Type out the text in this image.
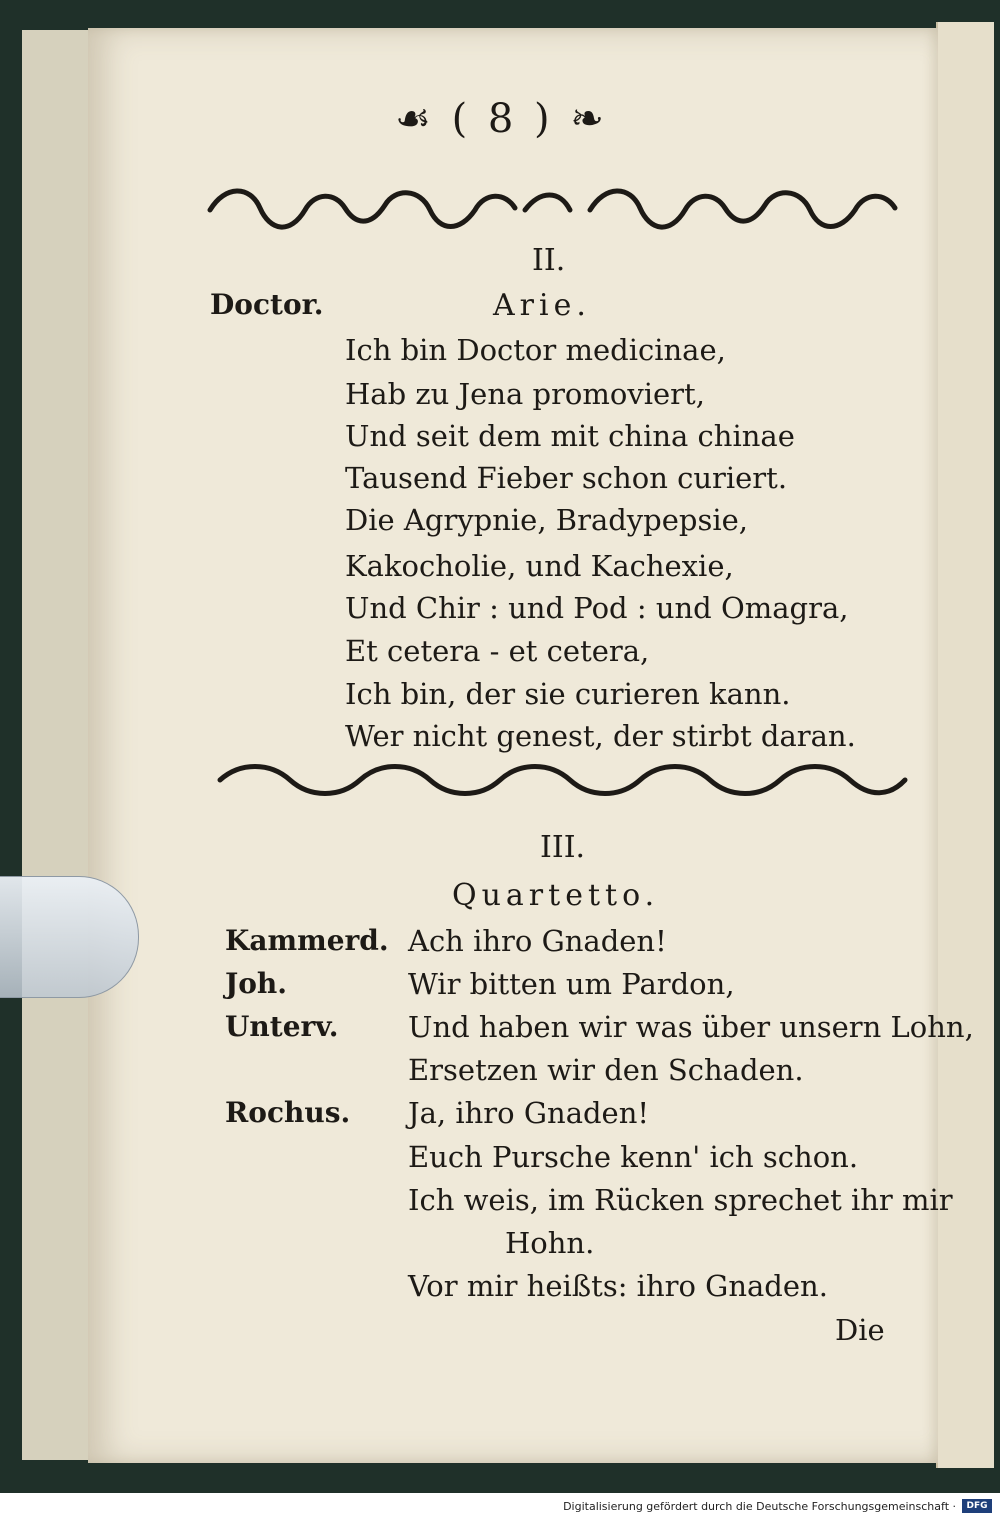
☙ ( 8 ) ❧
II.
Doctor.	Arie.
Ich bin Doctor medicinae,
Hab zu Jena promoviert,
Und seit dem mit china chinae
Tausend Fieber schon curiert.
Die Agrypnie, Bradypepsie,
Kakocholie, und Kachexie,
Und Chir : und Pod : und Omagra,
Et cetera - et cetera,
Ich bin, der sie curieren kann.
Wer nicht genest, der stirbt daran.
III.
Quartetto.
Kammerd. Ach ihro Gnaden!
Joh.	Wir bitten um Pardon,
Unterv. Und haben wir was über unsern Lohn,
Ersetzen wir den Schaden.
Rochus. Ja, ihro Gnaden!
Euch Pursche kenn' ich schon.
Ich weis, im Rücken sprechet ihr mir
Hohn.
Vor mir heißts: ihro Gnaden.
Die
Digitalisierung gefördert durch die Deutsche Forschungsgemeinschaft ·	DFG
